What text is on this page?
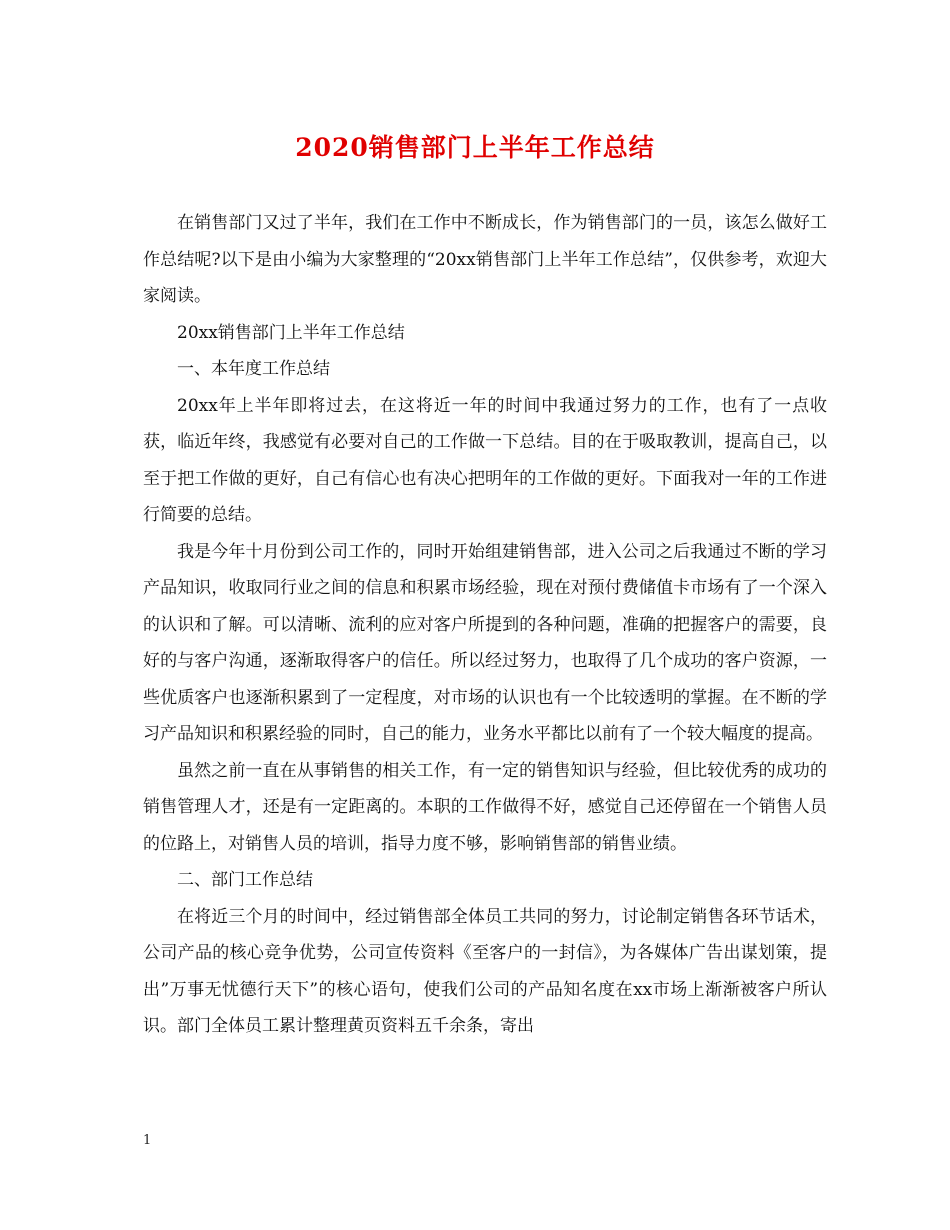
2020销售部门上半年工作总结

在销售部门又过了半年，我们在工作中不断成长，作为销售部门的一员，该怎么做好工作总结呢?以下是由小编为大家整理的“20xx销售部门上半年工作总结”，仅供参考，欢迎大家阅读。

20xx销售部门上半年工作总结

一、本年度工作总结

20xx年上半年即将过去，在这将近一年的时间中我通过努力的工作，也有了一点收获，临近年终，我感觉有必要对自己的工作做一下总结。目的在于吸取教训，提高自己，以至于把工作做的更好，自己有信心也有决心把明年的工作做的更好。下面我对一年的工作进行简要的总结。

我是今年十月份到公司工作的，同时开始组建销售部，进入公司之后我通过不断的学习产品知识，收取同行业之间的信息和积累市场经验，现在对预付费储值卡市场有了一个深入的认识和了解。可以清晰、流利的应对客户所提到的各种问题，准确的把握客户的需要，良好的与客户沟通，逐渐取得客户的信任。所以经过努力，也取得了几个成功的客户资源，一些优质客户也逐渐积累到了一定程度，对市场的认识也有一个比较透明的掌握。在不断的学习产品知识和积累经验的同时，自己的能力，业务水平都比以前有了一个较大幅度的提高。

虽然之前一直在从事销售的相关工作，有一定的销售知识与经验，但比较优秀的成功的销售管理人才，还是有一定距离的。本职的工作做得不好，感觉自己还停留在一个销售人员的位路上，对销售人员的培训，指导力度不够，影响销售部的销售业绩。

二、部门工作总结

在将近三个月的时间中，经过销售部全体员工共同的努力，讨论制定销售各环节话术，公司产品的核心竞争优势，公司宣传资料《至客户的一封信》，为各媒体广告出谋划策，提出”万事无忧德行天下”的核心语句，使我们公司的产品知名度在xx市场上渐渐被客户所认识。部门全体员工累计整理黄页资料五千余条，寄出

1
